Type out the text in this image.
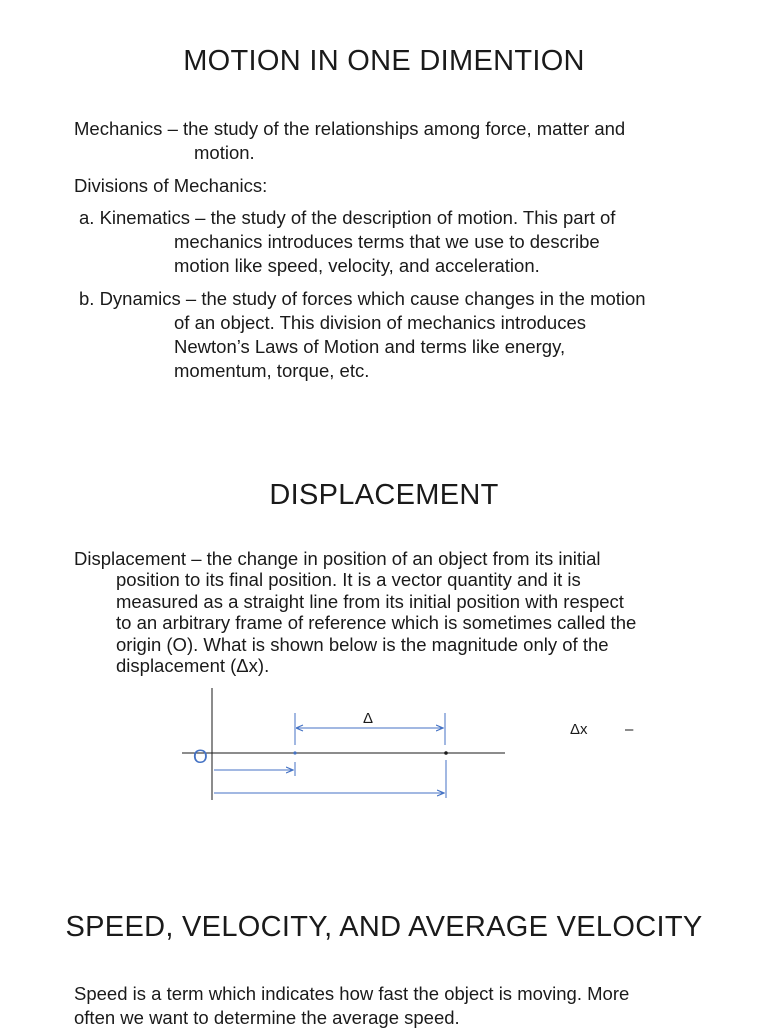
MOTION IN ONE DIMENTION
Mechanics – the study of the relationships among force, matter and
motion.
Divisions of Mechanics:
a. Kinematics – the study of the description of motion. This part of
mechanics introduces terms that we use to describe
motion like speed, velocity, and acceleration.
b. Dynamics – the study of forces which cause changes in the motion
of an object. This division of mechanics introduces
Newton’s Laws of Motion and terms like energy,
momentum, torque, etc.
DISPLACEMENT
Displacement – the change in position of an object from its initial
position to its final position. It is a vector quantity and it is
measured as a straight line from its initial position with respect
to an arbitrary frame of reference which is sometimes called the
origin (O). What is shown below is the magnitude only of the
displacement (Δx).
O
Δ
Δx –
SPEED, VELOCITY, AND AVERAGE VELOCITY
Speed is a term which indicates how fast the object is moving. More
often we want to determine the average speed.
